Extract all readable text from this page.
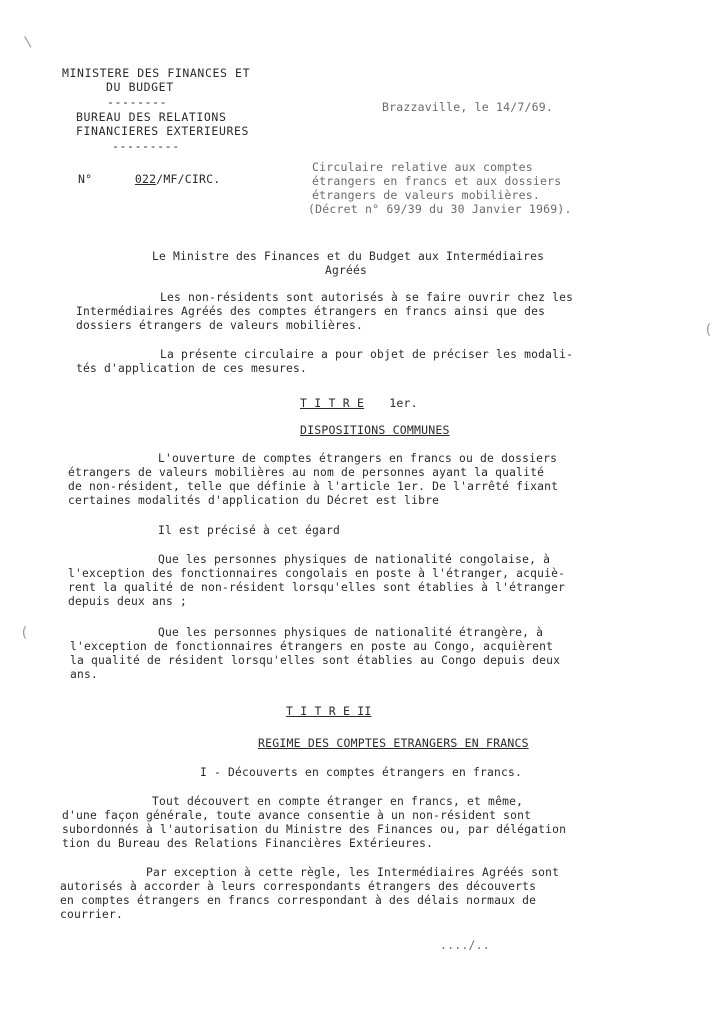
/
(
(
MINISTERE DES FINANCES ET
DU BUDGET
--------
BUREAU DES RELATIONS
FINANCIERES EXTERIEURES
---------
Brazzaville, le 14/7/69.
N°	022/MF/CIRC.
Circulaire relative aux comptes
étrangers en francs et aux dossiers
étrangers de valeurs mobilières.
(Décret n° 69/39 du 30 Janvier 1969).
Le Ministre des Finances et du Budget aux Intermédiaires
Agréés
Les non-résidents sont autorisés à se faire ouvrir chez les
Intermédiaires Agréés des comptes étrangers en francs ainsi que des
dossiers étrangers de valeurs mobilières.
La présente circulaire a pour objet de préciser les modali-
tés d'application de ces mesures.
T I T R E 1er.
DISPOSITIONS COMMUNES
L'ouverture de comptes étrangers en francs ou de dossiers
étrangers de valeurs mobilières au nom de personnes ayant la qualité
de non-résident, telle que définie à l'article 1er. De l'arrêté fixant
certaines modalités d'application du Décret est libre
Il est précisé à cet égard
Que les personnes physiques de nationalité congolaise, à
l'exception des fonctionnaires congolais en poste à l'étranger, acquiè-
rent la qualité de non-résident lorsqu'elles sont établies à l'étranger
depuis deux ans ;
Que les personnes physiques de nationalité étrangère, à
l'exception de fonctionnaires étrangers en poste au Congo, acquièrent
la qualité de résident lorsqu'elles sont établies au Congo depuis deux
ans.
T I T R E II
REGIME DES COMPTES ETRANGERS EN FRANCS
I - Découverts en comptes étrangers en francs.
Tout découvert en compte étranger en francs, et même,
d'une façon générale, toute avance consentie à un non-résident sont
subordonnés à l'autorisation du Ministre des Finances ou, par délégation
tion du Bureau des Relations Financières Extérieures.
Par exception à cette règle, les Intermédiaires Agréés sont
autorisés à accorder à leurs correspondants étrangers des découverts
en comptes étrangers en francs correspondant à des délais normaux de
courrier.
..../..
